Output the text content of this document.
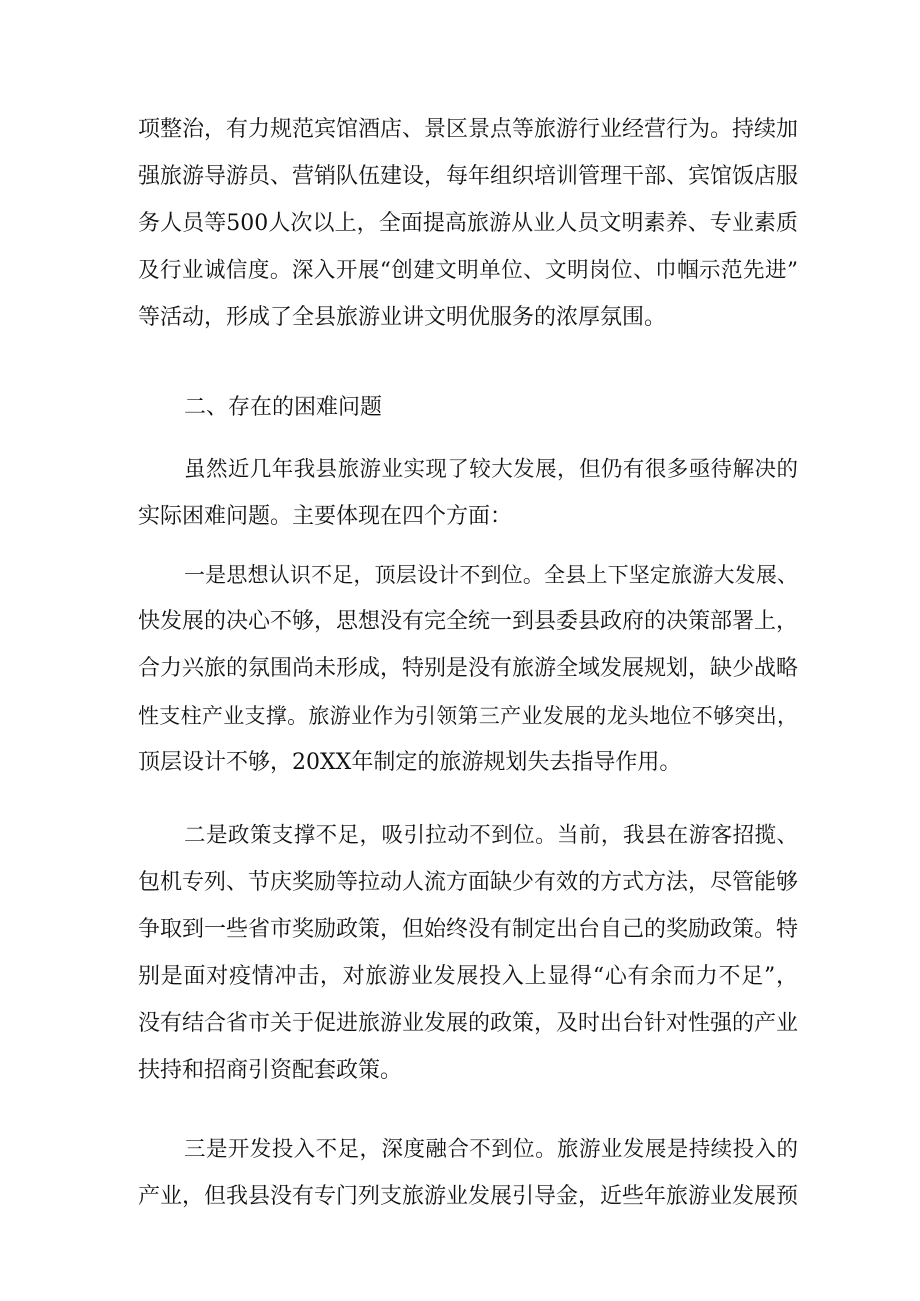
项整治，有力规范宾馆酒店、景区景点等旅游行业经营行为。持续加
强旅游导游员、营销队伍建设，每年组织培训管理干部、宾馆饭店服
务人员等500人次以上，全面提高旅游从业人员文明素养、专业素质
及行业诚信度。深入开展“创建文明单位、文明岗位、巾帼示范先进”
等活动，形成了全县旅游业讲文明优服务的浓厚氛围。
二、存在的困难问题
虽然近几年我县旅游业实现了较大发展，但仍有很多亟待解决的
实际困难问题。主要体现在四个方面：
一是思想认识不足，顶层设计不到位。全县上下坚定旅游大发展、
快发展的决心不够，思想没有完全统一到县委县政府的决策部署上，
合力兴旅的氛围尚未形成，特别是没有旅游全域发展规划，缺少战略
性支柱产业支撑。旅游业作为引领第三产业发展的龙头地位不够突出，
顶层设计不够，20XX年制定的旅游规划失去指导作用。
二是政策支撑不足，吸引拉动不到位。当前，我县在游客招揽、
包机专列、节庆奖励等拉动人流方面缺少有效的方式方法，尽管能够
争取到一些省市奖励政策，但始终没有制定出台自己的奖励政策。特
别是面对疫情冲击，对旅游业发展投入上显得“心有余而力不足”，
没有结合省市关于促进旅游业发展的政策，及时出台针对性强的产业
扶持和招商引资配套政策。
三是开发投入不足，深度融合不到位。旅游业发展是持续投入的
产业，但我县没有专门列支旅游业发展引导金，近些年旅游业发展预
